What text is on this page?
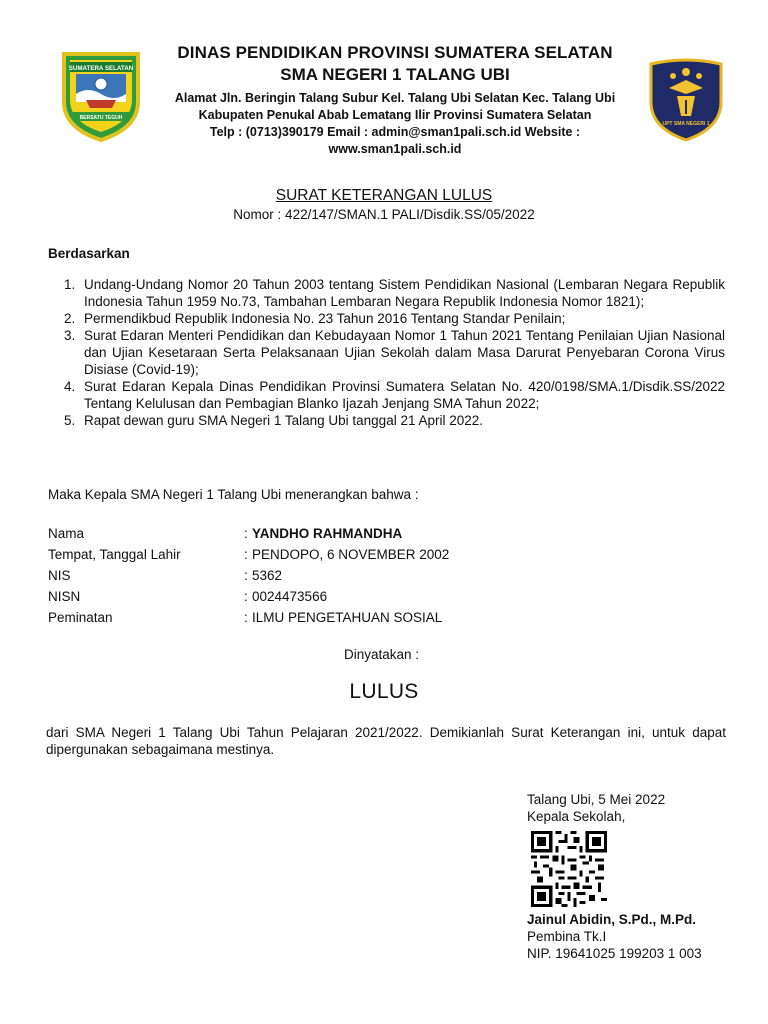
SUMATERA SELATAN
BERSATU TEGUH
DINAS PENDIDIKAN PROVINSI SUMATERA SELATAN
SMA NEGERI 1 TALANG UBI
Alamat Jln. Beringin Talang Subur Kel. Talang Ubi Selatan Kec. Talang Ubi
Kabupaten Penukal Abab Lematang Ilir Provinsi Sumatera Selatan
Telp : (0713)390179 Email : admin@sman1pali.sch.id Website :
www.sman1pali.sch.id
UPT SMA NEGERI 1
SURAT KETERANGAN LULUS
Nomor : 422/147/SMAN.1 PALI/Disdik.SS/05/2022
Berdasarkan
1. Undang-Undang Nomor 20 Tahun 2003 tentang Sistem Pendidikan Nasional (Lembaran Negara Republik Indonesia Tahun 1959 No.73, Tambahan Lembaran Negara Republik Indonesia Nomor 1821);
2. Permendikbud Republik Indonesia No. 23 Tahun 2016 Tentang Standar Penilain;
3. Surat Edaran Menteri Pendidikan dan Kebudayaan Nomor 1 Tahun 2021 Tentang Penilaian Ujian Nasional dan Ujian Kesetaraan Serta Pelaksanaan Ujian Sekolah dalam Masa Darurat Penyebaran Corona Virus Disiase (Covid-19);
4. Surat Edaran Kepala Dinas Pendidikan Provinsi Sumatera Selatan No. 420/0198/SMA.1/Disdik.SS/2022 Tentang Kelulusan dan Pembagian Blanko Ijazah Jenjang SMA Tahun 2022;
5. Rapat dewan guru SMA Negeri 1 Talang Ubi tanggal 21 April 2022.
Maka Kepala SMA Negeri 1 Talang Ubi menerangkan bahwa :
Nama	: YANDHO RAHMANDHA
Tempat, Tanggal Lahir	: PENDOPO, 6 NOVEMBER 2002
NIS	: 5362
NISN	: 0024473566
Peminatan	: ILMU PENGETAHUAN SOSIAL
Dinyatakan :
LULUS
dari SMA Negeri 1 Talang Ubi Tahun Pelajaran 2021/2022. Demikianlah Surat Keterangan ini, untuk dapat dipergunakan sebagaimana mestinya.
Talang Ubi, 5 Mei 2022
Kepala Sekolah,
Jainul Abidin, S.Pd., M.Pd.
Pembina Tk.I
NIP. 19641025 199203 1 003
